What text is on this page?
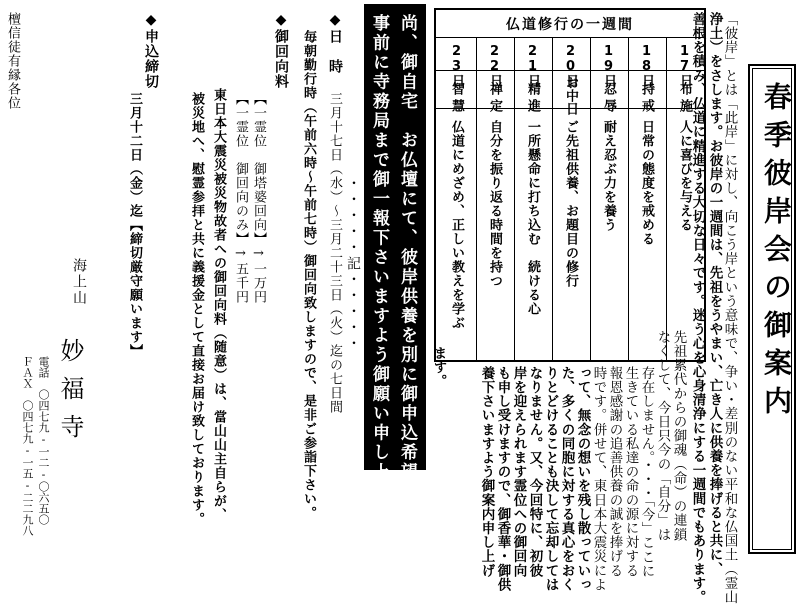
春季彼岸会の御案内
「彼岸」とは「此岸」に対し、向こう岸という意味で、争い・差別のない平和な仏国土（霊山
浄土）をさします。お彼岸の一週間は、先祖をうやまい、亡き人に供養を捧げると共に、
善根を積み、仏道に精進する大切な日々です。迷う心を心身清浄にする一週間でもあります。
仏道修行の一週間
17日
布施
人に喜びを与える
18日
持戒
日常の態度を戒める
19日
忍辱
耐え忍ぶ力を養う
20日
お中日
ご先祖供養、お題目の修行
21日
精進
一所懸命に打ち込む　続ける心
22日
禅定
自分を振り返る時間を持つ
23日
智慧
仏道にめざめ、正しい教えを学ぶ
先祖累代からの御魂（命）の連鎖
なくして、今日只今の「自分」は
存在しません。・・・「今」ここに
生きている私達の命の源に対する
報恩感謝の追善供養の誠を捧げる
時です。併せて、東日本大震災によ
って、無念の想いを残し散っていっ
た、多くの同胞に対する真心をおく
りとどけることも決して忘却しては
なりません。又、今回特に、初彼
岸を迎えられます霊位への御回向
も申し受けますので、御香華・御供
養下さいますよう御案内申し上げ
ます。
尚、御自宅　お仏壇にて、彼岸供養を別に御申込希望の皆様方は、
事前に寺務局まで御一報下さいますよう御願い申し上げます。
・・・・・記・・・・・
◆日　時
三月十七日（水）～三月二十三日（火）迄の七日間
毎朝勤行時（午前六時～午前七時）御回向致しますので、是非ご参詣下さい。
◆御回向料
【一霊位　御塔婆回向】→一万円
【一霊位　御回向のみ】→五千円
東日本大震災被災物故者への御回向料（随意）は、當山山主自らが、
被災地へ、慰霊参拝と共に義援金として直接お届け致しております。
◆申込締切
三月十二日（金）迄【締切厳守願います】
海上山
妙福寺
電話　〇四七九‐一二‐〇六五〇
ＦＡＸ　〇四七九‐一五‐二二九八
檀信徒有縁各位
